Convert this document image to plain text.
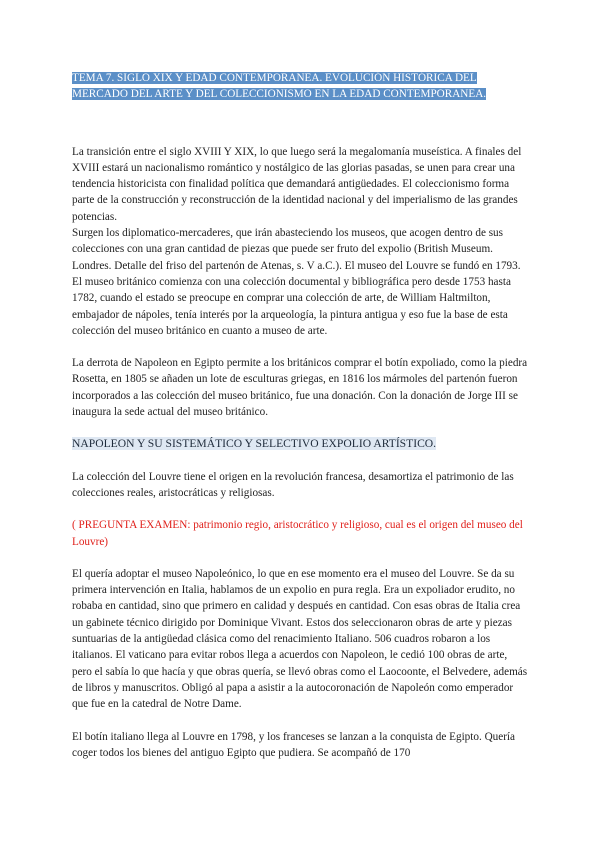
TEMA 7. SIGLO XIX Y EDAD CONTEMPORANEA. EVOLUCIÓN HISTÓRICA DEL MERCADO DEL ARTE Y DEL COLECCIONISMO EN LA EDAD CONTEMPORANEA.

La transición entre el siglo XVIII Y XIX, lo que luego será la megalomanía museística. A finales del XVIII estará un nacionalismo romántico y nostálgico de las glorias pasadas, se unen para crear una tendencia historicista con finalidad política que demandará antigüedades. El coleccionismo forma parte de la construcción y reconstrucción de la identidad nacional y del imperialismo de las grandes potencias.

Surgen los diplomatico-mercaderes, que irán abasteciendo los museos, que acogen dentro de sus colecciones con una gran cantidad de piezas que puede ser fruto del expolio (British Museum. Londres. Detalle del friso del partenón de Atenas, s. V a.C.). El museo del Louvre se fundó en 1793.

El museo británico comienza con una colección documental y bibliográfica pero desde 1753 hasta 1782, cuando el estado se preocupe en comprar una colección de arte, de William Haltmilton, embajador de nápoles, tenía interés por la arqueología, la pintura antigua y eso fue la base de esta colección del museo británico en cuanto a museo de arte.

La derrota de Napoleon en Egipto permite a los británicos comprar el botín expoliado, como la piedra Rosetta, en 1805 se añaden un lote de esculturas griegas, en 1816 los mármoles del partenón fueron incorporados a las colección del museo británico, fue una donación. Con la donación de Jorge III se inaugura la sede actual del museo británico.

NAPOLEON Y SU SISTEMÁTICO Y SELECTIVO EXPOLIO ARTÍSTICO.

La colección del Louvre tiene el origen en la revolución francesa, desamortiza el patrimonio de las colecciones reales, aristocráticas y religiosas.

( PREGUNTA EXAMEN: patrimonio regio, aristocrático y religioso, cual es el origen del museo del Louvre)

El quería adoptar el museo Napoleónico, lo que en ese momento era el museo del Louvre. Se da su primera intervención en Italia, hablamos de un expolio en pura regla. Era un expoliador erudito, no robaba en cantidad, sino que primero en calidad y después en cantidad. Con esas obras de Italia crea un gabinete técnico dirigido por Dominique Vivant. Estos dos seleccionaron obras de arte y piezas suntuarias de la antigüedad clásica como del renacimiento Italiano. 506 cuadros robaron a los italianos. El vaticano para evitar robos llega a acuerdos con Napoleon, le cedió 100 obras de arte, pero el sabía lo que hacía y que obras quería, se llevó obras como el Laocoonte, el Belvedere, además de libros y manuscritos. Obligó al papa a asistir a la autocoronación de Napoleón como emperador que fue en la catedral de Notre Dame.

El botín italiano llega al Louvre en 1798, y los franceses se lanzan a la conquista de Egipto. Quería coger todos los bienes del antiguo Egipto que pudiera. Se acompañó de 170
